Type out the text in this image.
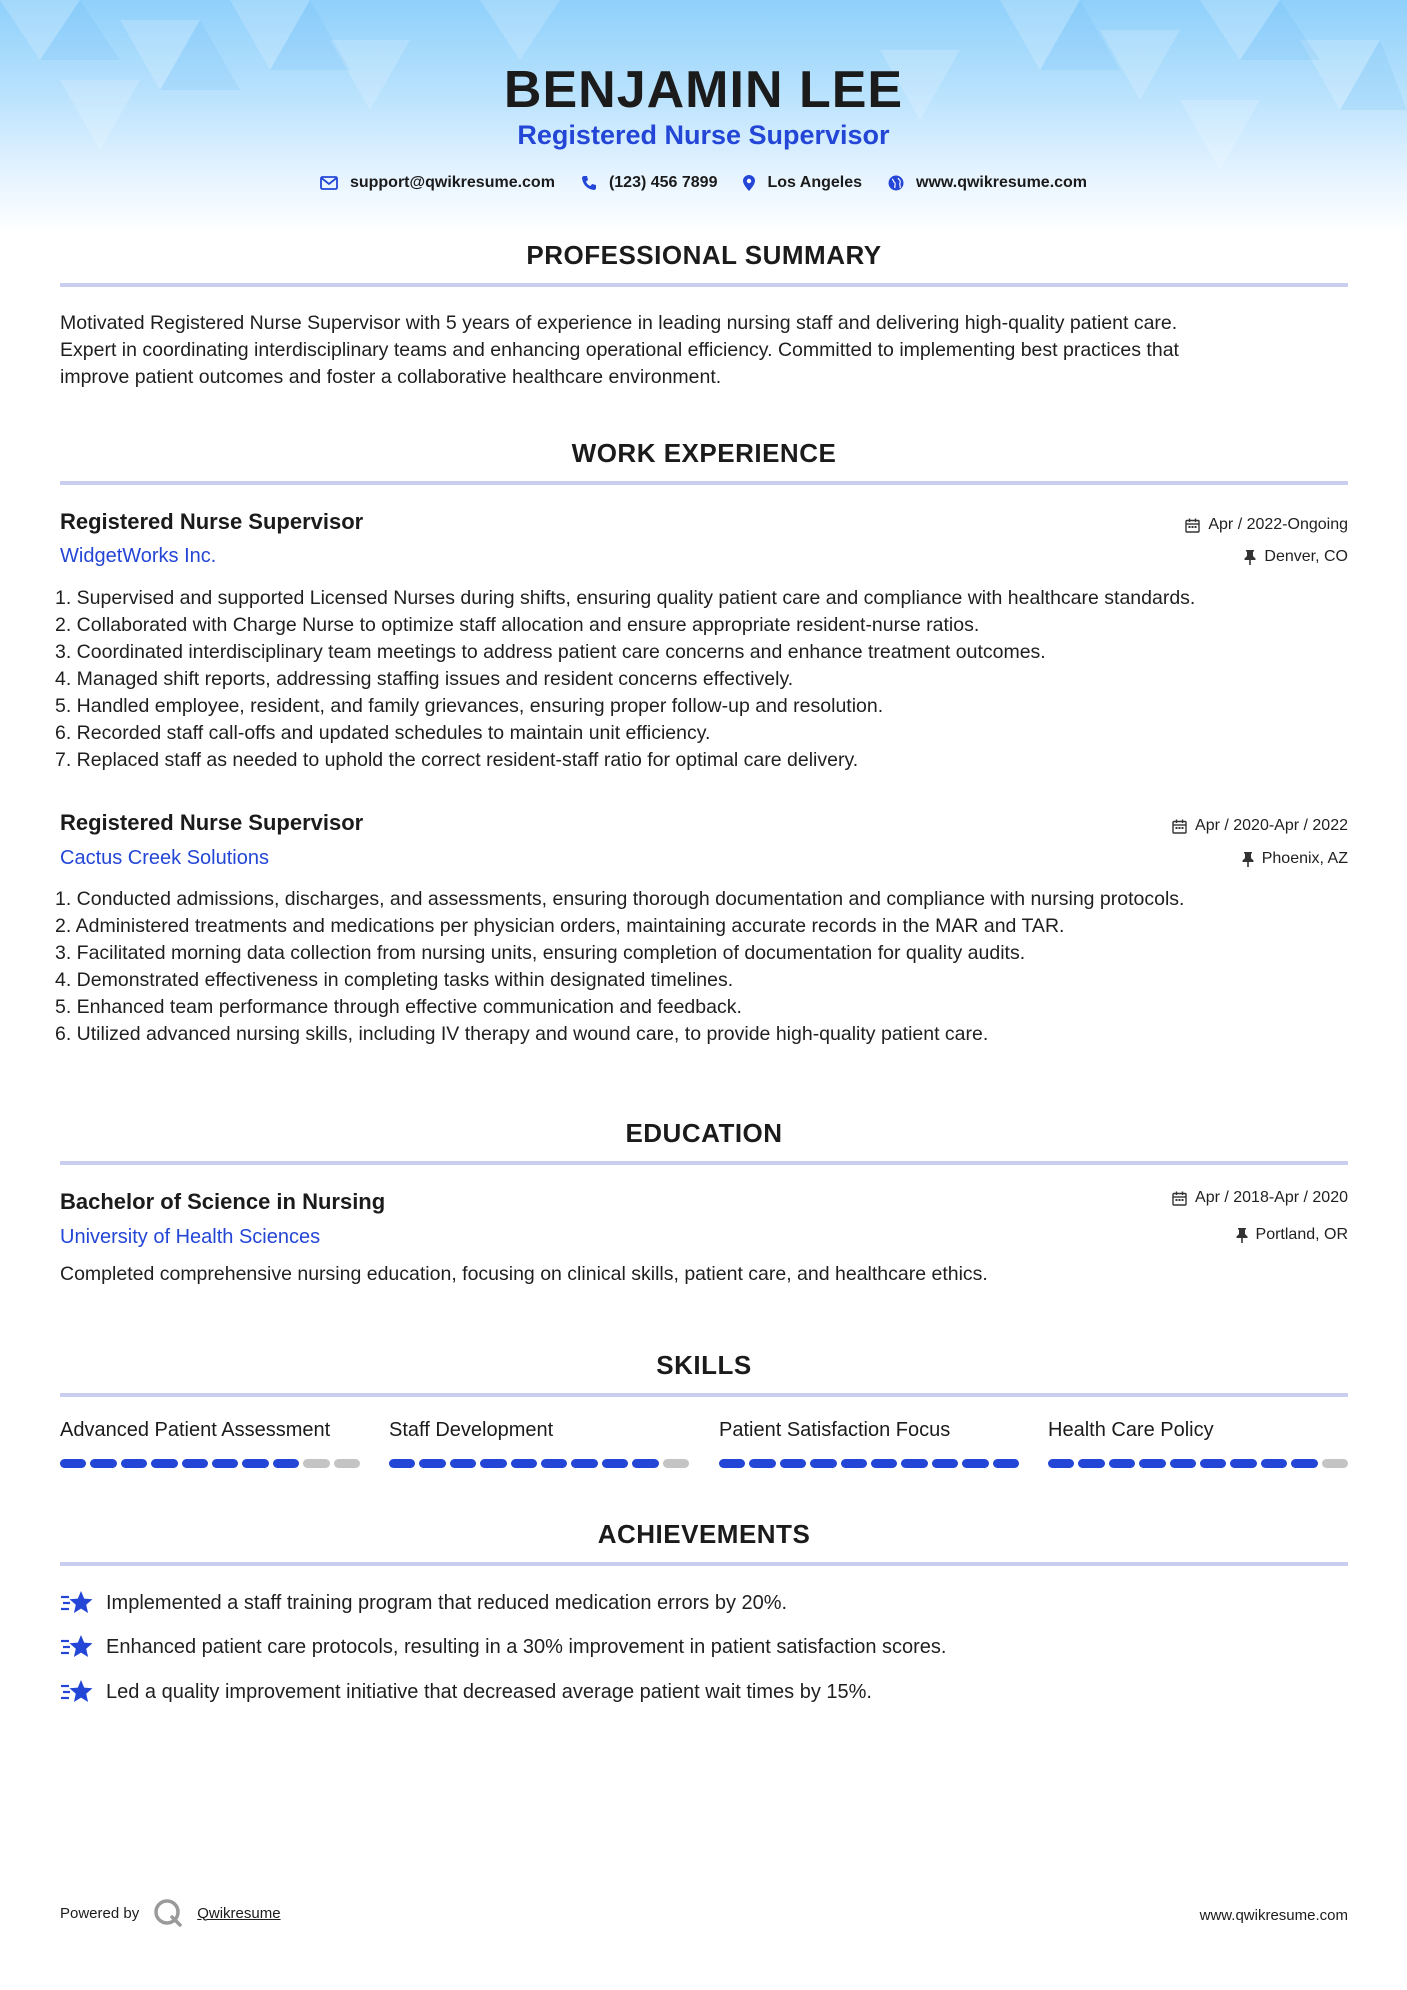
BENJAMIN LEE
Registered Nurse Supervisor
support@qwikresume.com	(123) 456 7899	Los Angeles	www.qwikresume.com
PROFESSIONAL SUMMARY
Motivated Registered Nurse Supervisor with 5 years of experience in leading nursing staff and delivering high-quality patient care.
Expert in coordinating interdisciplinary teams and enhancing operational efficiency. Committed to implementing best practices that
improve patient outcomes and foster a collaborative healthcare environment.
WORK EXPERIENCE
Registered Nurse Supervisor	Apr / 2022-Ongoing
WidgetWorks Inc.	Denver, CO
1. Supervised and supported Licensed Nurses during shifts, ensuring quality patient care and compliance with healthcare standards.
2. Collaborated with Charge Nurse to optimize staff allocation and ensure appropriate resident-nurse ratios.
3. Coordinated interdisciplinary team meetings to address patient care concerns and enhance treatment outcomes.
4. Managed shift reports, addressing staffing issues and resident concerns effectively.
5. Handled employee, resident, and family grievances, ensuring proper follow-up and resolution.
6. Recorded staff call-offs and updated schedules to maintain unit efficiency.
7. Replaced staff as needed to uphold the correct resident-staff ratio for optimal care delivery.
Registered Nurse Supervisor	Apr / 2020-Apr / 2022
Cactus Creek Solutions	Phoenix, AZ
1. Conducted admissions, discharges, and assessments, ensuring thorough documentation and compliance with nursing protocols.
2. Administered treatments and medications per physician orders, maintaining accurate records in the MAR and TAR.
3. Facilitated morning data collection from nursing units, ensuring completion of documentation for quality audits.
4. Demonstrated effectiveness in completing tasks within designated timelines.
5. Enhanced team performance through effective communication and feedback.
6. Utilized advanced nursing skills, including IV therapy and wound care, to provide high-quality patient care.
EDUCATION
Bachelor of Science in Nursing	Apr / 2018-Apr / 2020
University of Health Sciences	Portland, OR
Completed comprehensive nursing education, focusing on clinical skills, patient care, and healthcare ethics.
SKILLS
Advanced Patient Assessment	Staff Development	Patient Satisfaction Focus	Health Care Policy
ACHIEVEMENTS
Implemented a staff training program that reduced medication errors by 20%.
Enhanced patient care protocols, resulting in a 30% improvement in patient satisfaction scores.
Led a quality improvement initiative that decreased average patient wait times by 15%.
Powered by	Qwikresume	www.qwikresume.com
